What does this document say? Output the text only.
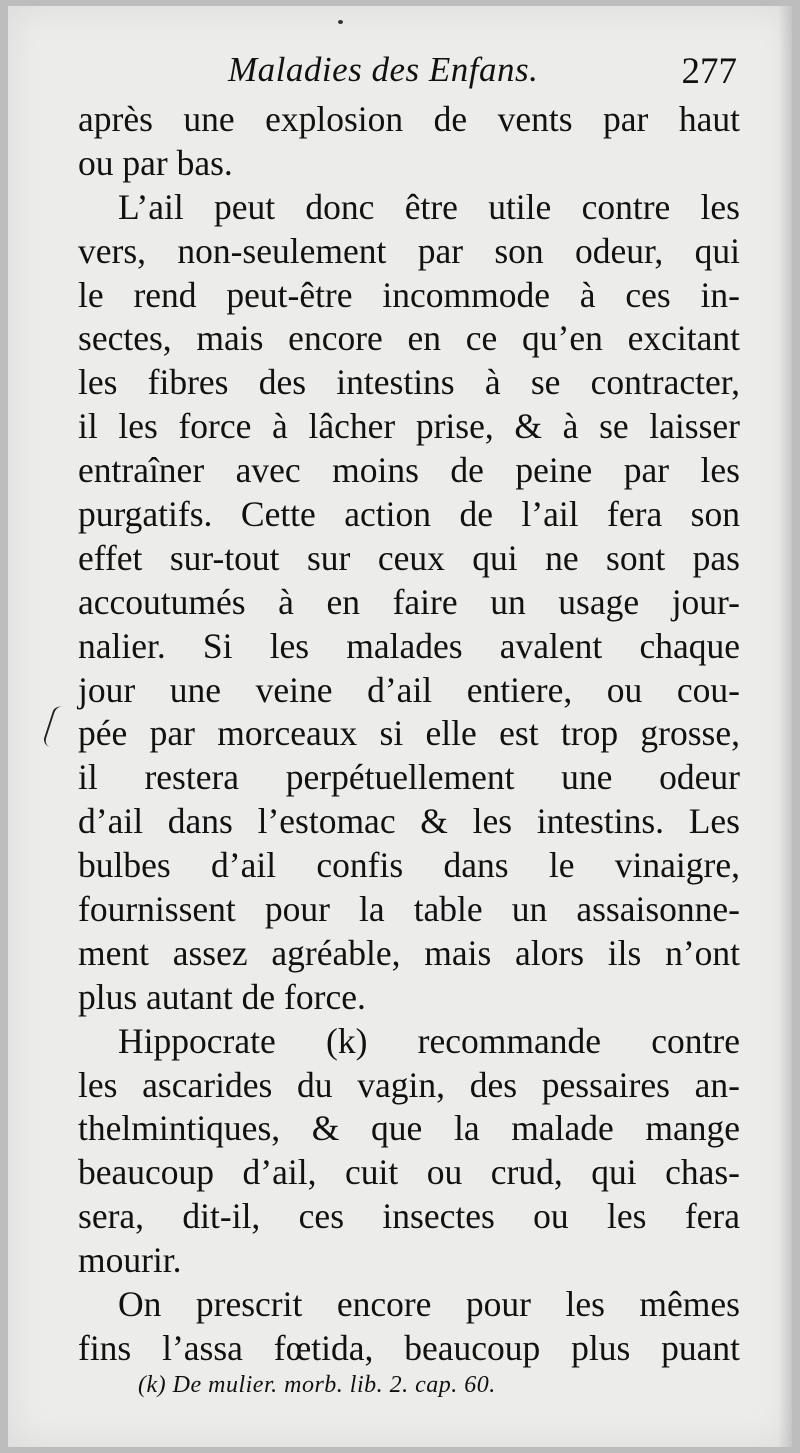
Maladies des Enfans.	277
après une explosion de vents par haut
ou par bas.
L’ail peut donc être utile contre les
vers, non-seulement par son odeur, qui
le rend peut-être incommode à ces in-
sectes, mais encore en ce qu’en excitant
les fibres des intestins à se contracter,
il les force à lâcher prise, & à se laisser
entraîner avec moins de peine par les
purgatifs. Cette action de l’ail fera son
effet sur-tout sur ceux qui ne sont pas
accoutumés à en faire un usage jour-
nalier. Si les malades avalent chaque
jour une veine d’ail entiere, ou cou-
pée par morceaux si elle est trop grosse,
il restera perpétuellement une odeur
d’ail dans l’estomac & les intestins. Les
bulbes d’ail confis dans le vinaigre,
fournissent pour la table un assaisonne-
ment assez agréable, mais alors ils n’ont
plus autant de force.
Hippocrate (k) recommande contre
les ascarides du vagin, des pessaires an-
thelmintiques, & que la malade mange
beaucoup d’ail, cuit ou crud, qui chas-
sera, dit-il, ces insectes ou les fera
mourir.
On prescrit encore pour les mêmes
fins l’assa fœtida, beaucoup plus puant
(k) De mulier. morb. lib. 2. cap. 60.
